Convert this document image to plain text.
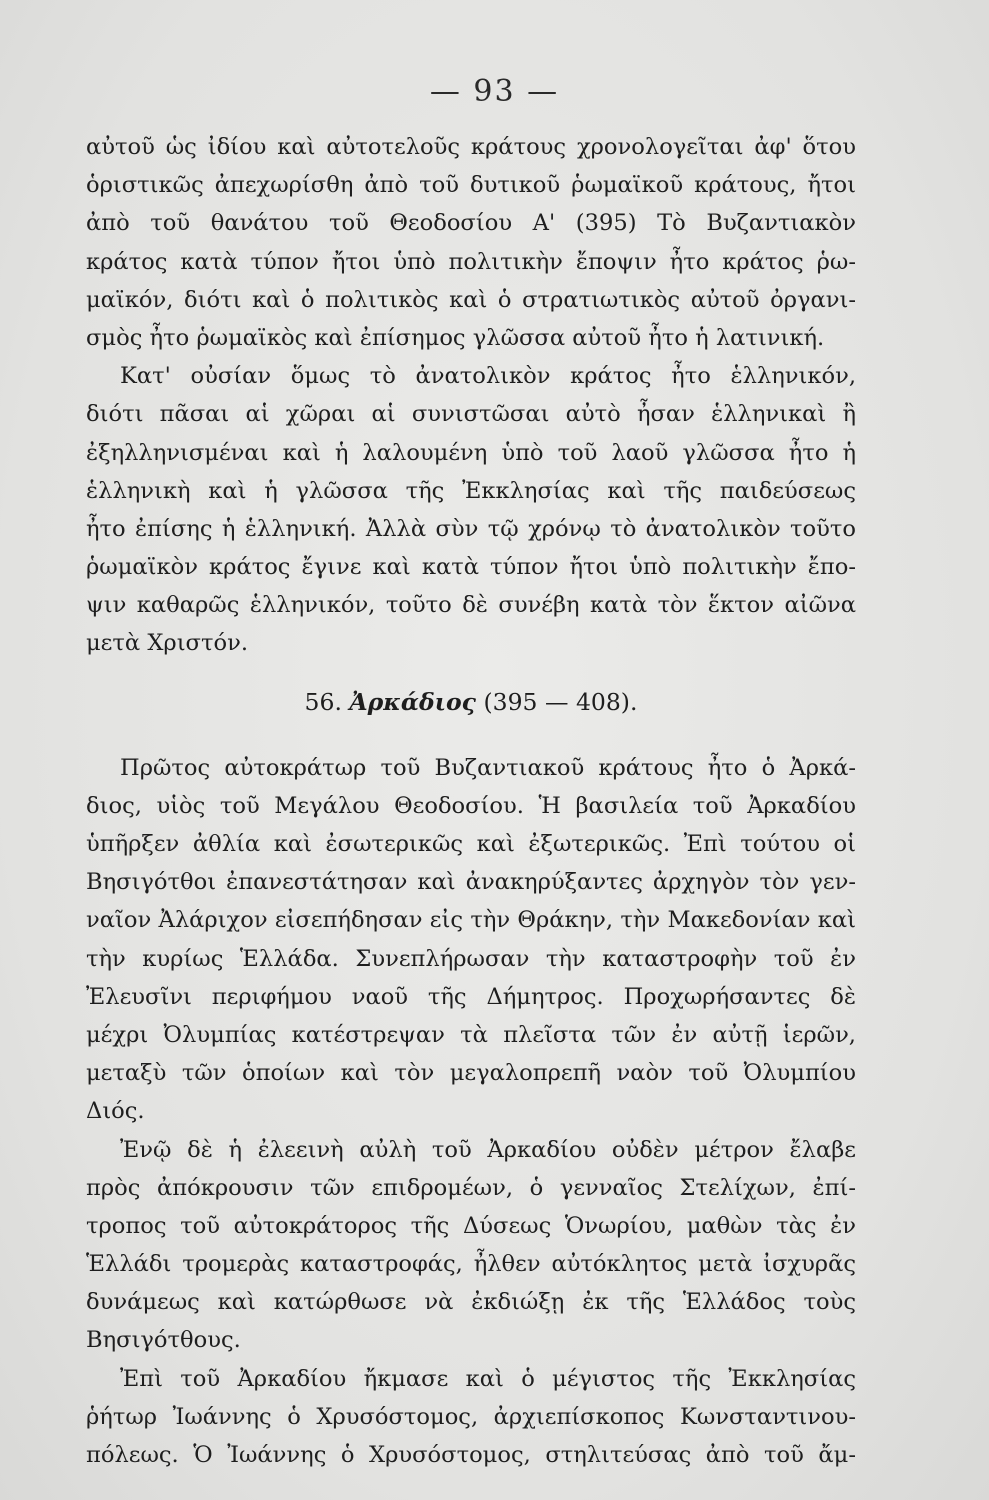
— 93 —
αὐτοῦ ὡς ἰδίου καὶ αὐτοτελοῦς κράτους χρονολογεῖται ἀφ' ὅτου
ὁριστικῶς ἀπεχωρίσθη ἀπὸ τοῦ δυτικοῦ ῥωμαϊκοῦ κράτους, ἤτοι
ἀπὸ τοῦ θανάτου τοῦ Θεοδοσίου Α' (395) Τὸ Βυζαντιακὸν
κράτος κατὰ τύπον ἤτοι ὑπὸ πολιτικὴν ἔποψιν ἦτο κράτος ῥω-
μαϊκόν, διότι καὶ ὁ πολιτικὸς καὶ ὁ στρατιωτικὸς αὐτοῦ ὀργανι-
σμὸς ἦτο ῥωμαϊκὸς καὶ ἐπίσημος γλῶσσα αὐτοῦ ἦτο ἡ λατινική.
Κατ' οὐσίαν ὅμως τὸ ἀνατολικὸν κράτος ἦτο ἑλληνικόν,
διότι πᾶσαι αἱ χῶραι αἱ συνιστῶσαι αὐτὸ ἦσαν ἑλληνικαὶ ἢ
ἐξηλληνισμέναι καὶ ἡ λαλουμένη ὑπὸ τοῦ λαοῦ γλῶσσα ἦτο ἡ
ἑλληνικὴ καὶ ἡ γλῶσσα τῆς Ἐκκλησίας καὶ τῆς παιδεύσεως
ἦτο ἐπίσης ἡ ἑλληνική. Ἀλλὰ σὺν τῷ χρόνῳ τὸ ἀνατολικὸν τοῦτο
ῥωμαϊκὸν κράτος ἔγινε καὶ κατὰ τύπον ἤτοι ὑπὸ πολιτικὴν ἔπο-
ψιν καθαρῶς ἑλληνικόν, τοῦτο δὲ συνέβη κατὰ τὸν ἕκτον αἰῶνα
μετὰ Χριστόν.
56. Ἀρκάδιος (395 — 408).
Πρῶτος αὐτοκράτωρ τοῦ Βυζαντιακοῦ κράτους ἦτο ὁ Ἀρκά-
διος, υἱὸς τοῦ Μεγάλου Θεοδοσίου. Ἡ βασιλεία τοῦ Ἀρκαδίου
ὑπῆρξεν ἀθλία καὶ ἐσωτερικῶς καὶ ἐξωτερικῶς. Ἐπὶ τούτου οἱ
Βησιγότθοι ἐπανεστάτησαν καὶ ἀνακηρύξαντες ἀρχηγὸν τὸν γεν-
ναῖον Ἀλάριχον εἰσεπήδησαν εἰς τὴν Θράκην, τὴν Μακεδονίαν καὶ
τὴν κυρίως Ἑλλάδα. Συνεπλήρωσαν τὴν καταστροφὴν τοῦ ἐν
Ἐλευσῖνι περιφήμου ναοῦ τῆς Δήμητρος. Προχωρήσαντες δὲ
μέχρι Ὀλυμπίας κατέστρεψαν τὰ πλεῖστα τῶν ἐν αὐτῇ ἱερῶν,
μεταξὺ τῶν ὁποίων καὶ τὸν μεγαλοπρεπῆ ναὸν τοῦ Ὀλυμπίου
Διός.
Ἐνῷ δὲ ἡ ἐλεεινὴ αὐλὴ τοῦ Ἀρκαδίου οὐδὲν μέτρον ἔλαβε
πρὸς ἀπόκρουσιν τῶν επιδρομέων, ὁ γενναῖος Στελίχων, ἐπί-
τροπος τοῦ αὐτοκράτορος τῆς Δύσεως Ὁνωρίου, μαθὼν τὰς ἐν
Ἑλλάδι τρομερὰς καταστροφάς, ἦλθεν αὐτόκλητος μετὰ ἰσχυρᾶς
δυνάμεως καὶ κατώρθωσε νὰ ἐκδιώξῃ ἐκ τῆς Ἑλλάδος τοὺς
Βησιγότθους.
Ἐπὶ τοῦ Ἀρκαδίου ἤκμασε καὶ ὁ μέγιστος τῆς Ἐκκλησίας
ῥήτωρ Ἰωάννης ὁ Χρυσόστομος, ἀρχιεπίσκοπος Κωνσταντινου-
πόλεως. Ὁ Ἰωάννης ὁ Χρυσόστομος, στηλιτεύσας ἀπὸ τοῦ ἄμ-
